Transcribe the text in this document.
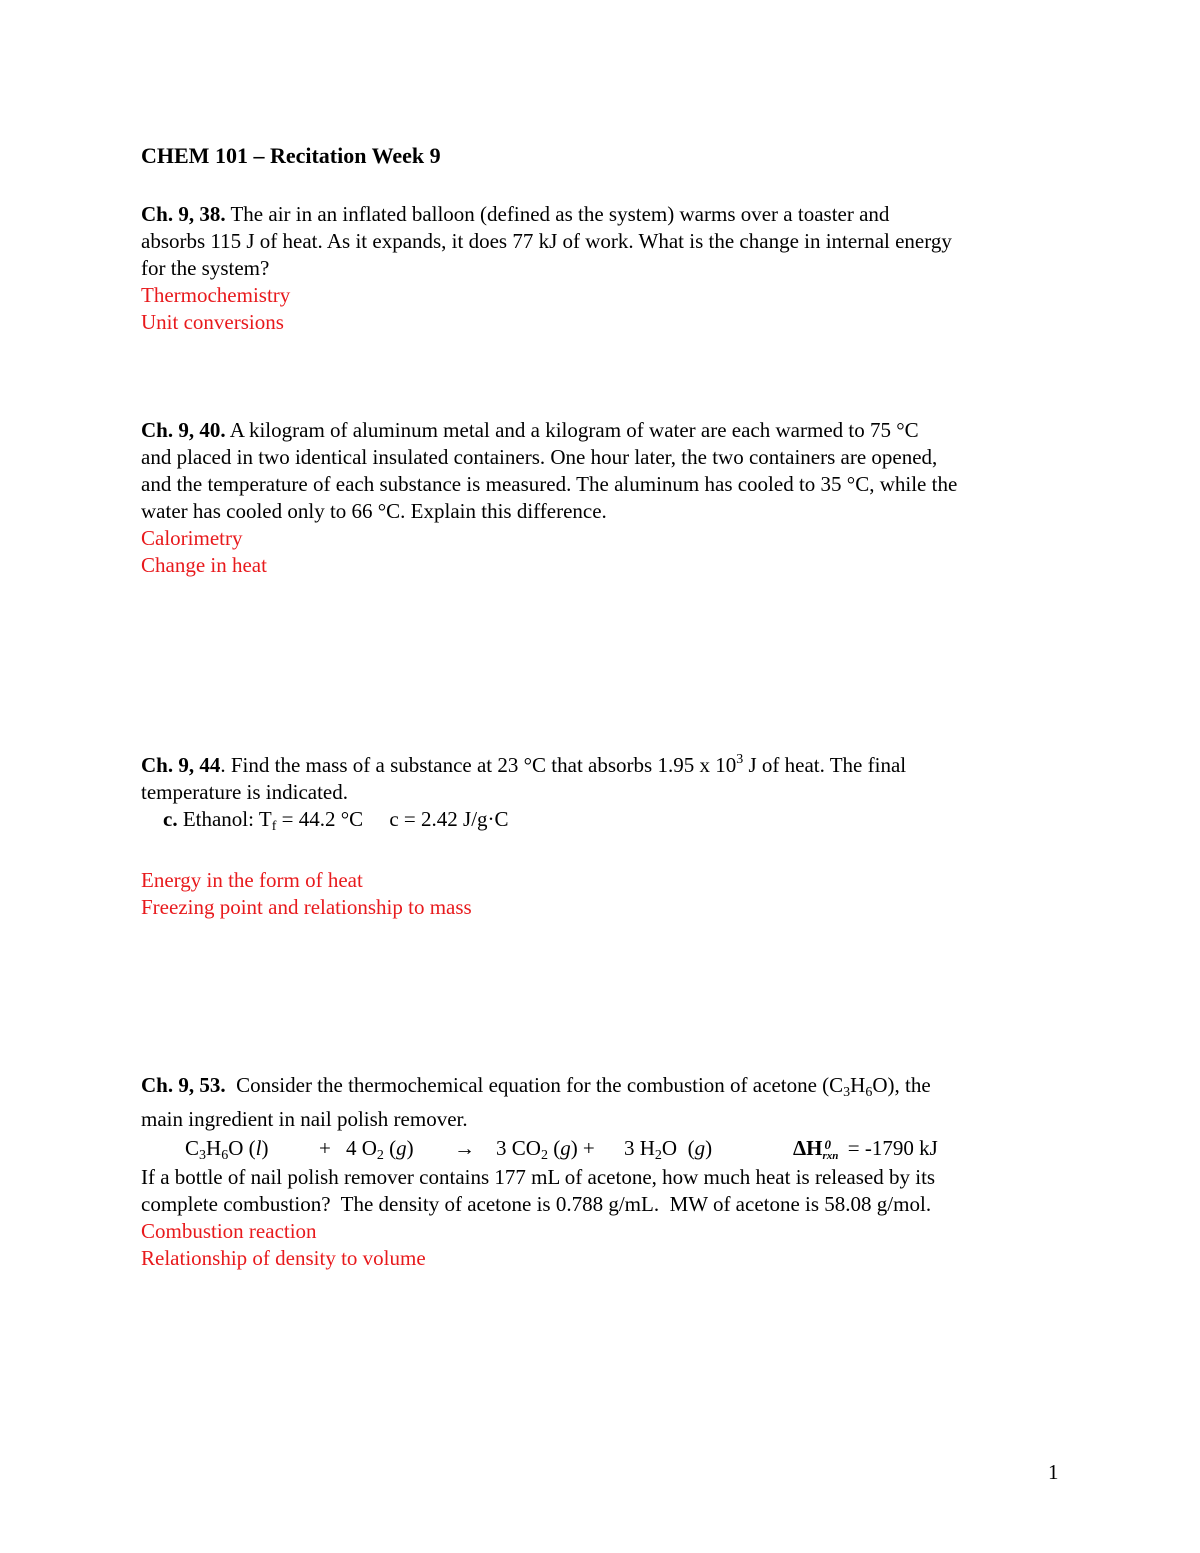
CHEM 101 – Recitation Week 9
Ch. 9, 38. The air in an inflated balloon (defined as the system) warms over a toaster and
absorbs 115 J of heat. As it expands, it does 77 kJ of work. What is the change in internal energy
for the system?
Thermochemistry
Unit conversions
Ch. 9, 40. A kilogram of aluminum metal and a kilogram of water are each warmed to 75 °C
and placed in two identical insulated containers. One hour later, the two containers are opened,
and the temperature of each substance is measured. The aluminum has cooled to 35 °C, while the
water has cooled only to 66 °C. Explain this difference.
Calorimetry
Change in heat
Ch. 9, 44. Find the mass of a substance at 23 °C that absorbs 1.95 x $10^3$ J of heat. The final
temperature is indicated.
c. Ethanol: $T_f = 44.2$ °C     c = 2.42 J/g·C
Energy in the form of heat
Freezing point and relationship to mass
Ch. 9, 53.  Consider the thermochemical equation for the combustion of acetone $(C_3H_6O)$, the
main ingredient in nail polish remover.
$C_3H_6O$ (l) + 4 $O_2$ (g) → 3 $CO_2$ (g) + 3 $H_2O$  (g)	ΔH 0
rxn = -1790 kJ
If a bottle of nail polish remover contains 177 mL of acetone, how much heat is released by its
complete combustion?  The density of acetone is 0.788 g/mL.  MW of acetone is 58.08 g/mol.
Combustion reaction
Relationship of density to volume
1
